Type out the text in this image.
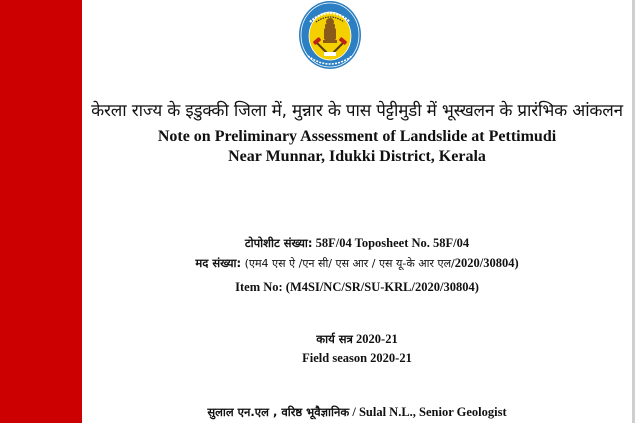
केरला राज्य के इडुक्की जिला में, मुन्नार के पास पेट्टीमुडी में भूस्खलन के प्रारंभिक आंकलन
Note on Preliminary Assessment of Landslide at Pettimudi
Near Munnar, Idukki District, Kerala
टोपोशीट संख्या: 58F/04 Toposheet No. 58F/04
मद संख्या: (एम4 एस ऐ /एन सी/ एस आर / एस यू-के आर एल/2020/30804)
Item No: (M4SI/NC/SR/SU-KRL/2020/30804)
कार्य सत्र 2020-21
Field season 2020-21
सुलाल एन.एल , वरिष्ठ भूवैज्ञानिक / Sulal N.L., Senior Geologist
